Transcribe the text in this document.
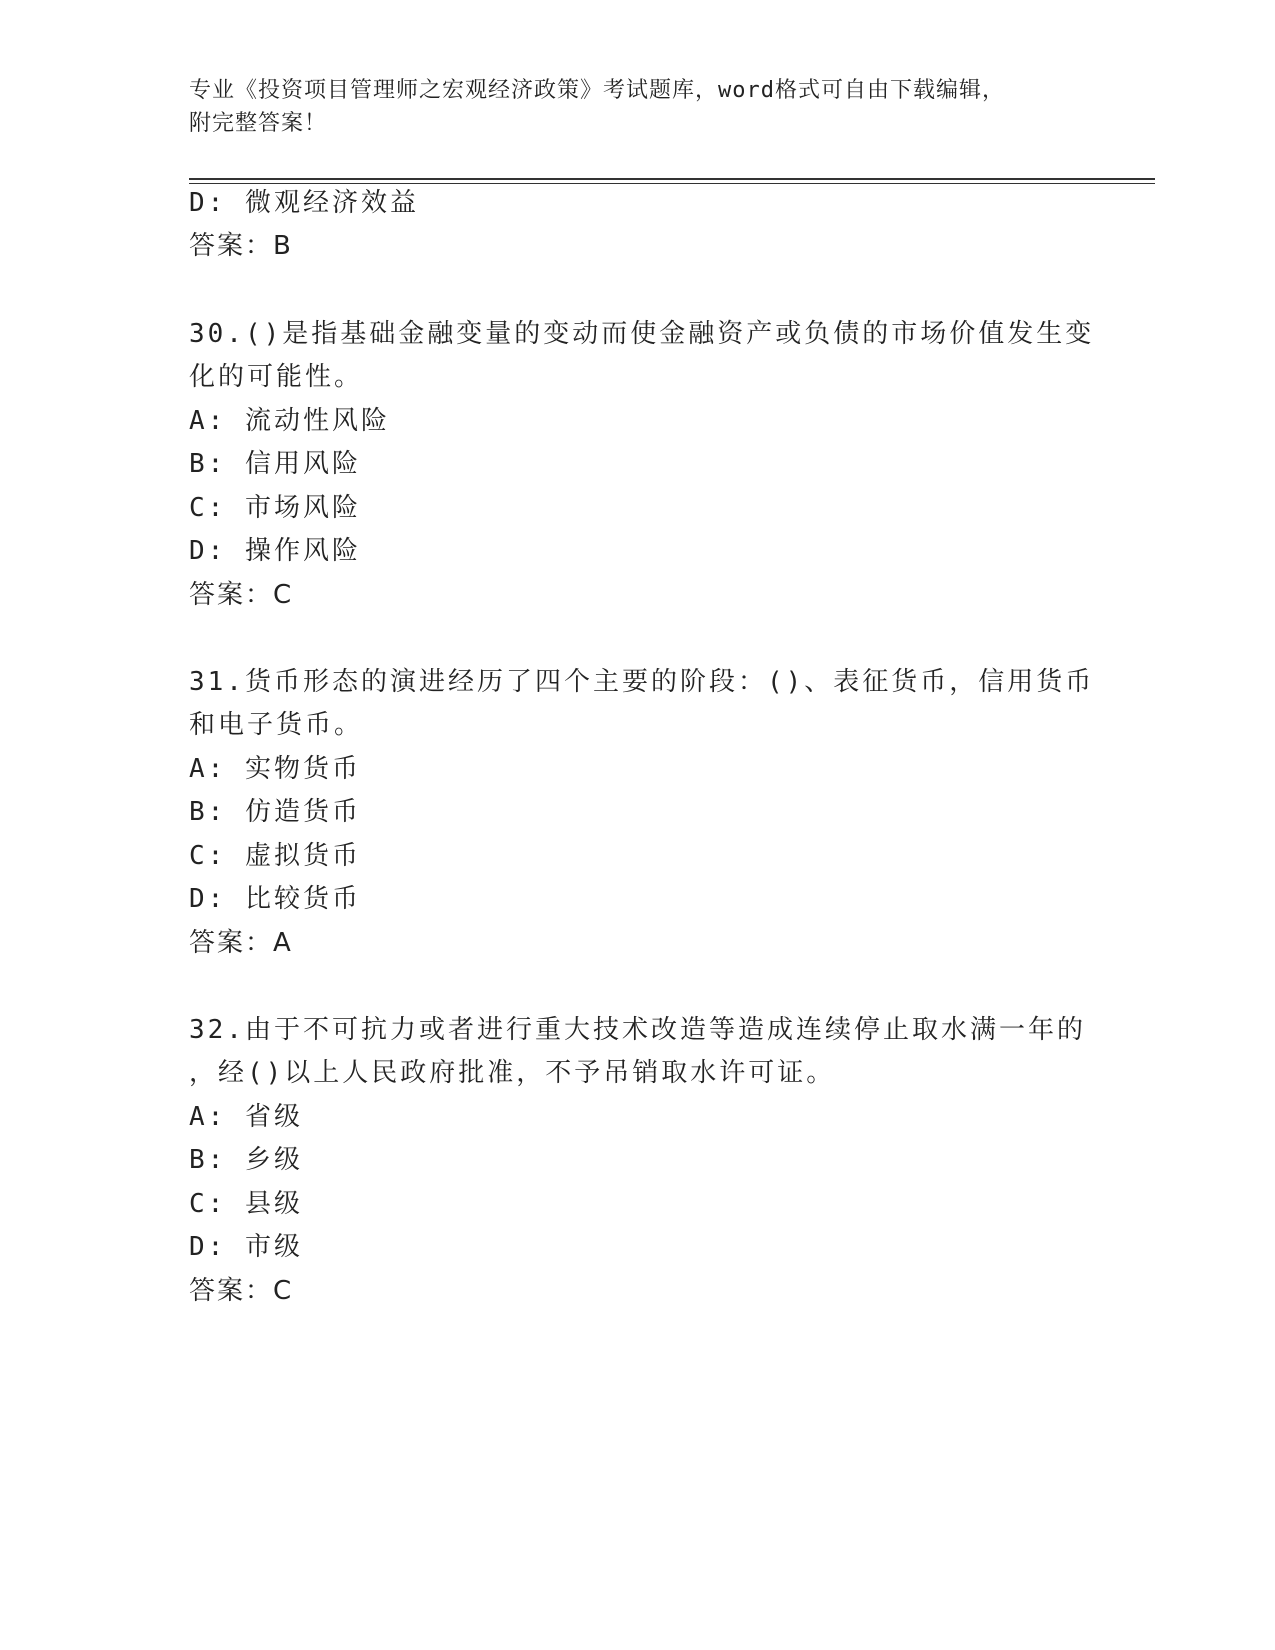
专业《投资项目管理师之宏观经济政策》考试题库，word格式可自由下载编辑，
附完整答案！
D: 微观经济效益
答案：B
30.()是指基础金融变量的变动而使金融资产或负债的市场价值发生变
化的可能性。
A: 流动性风险
B: 信用风险
C: 市场风险
D: 操作风险
答案：C
31.货币形态的演进经历了四个主要的阶段：()、表征货币，信用货币
和电子货币。
A: 实物货币
B: 仿造货币
C: 虚拟货币
D: 比较货币
答案：A
32.由于不可抗力或者进行重大技术改造等造成连续停止取水满一年的
，经()以上人民政府批准，不予吊销取水许可证。
A: 省级
B: 乡级
C: 县级
D: 市级
答案：C
